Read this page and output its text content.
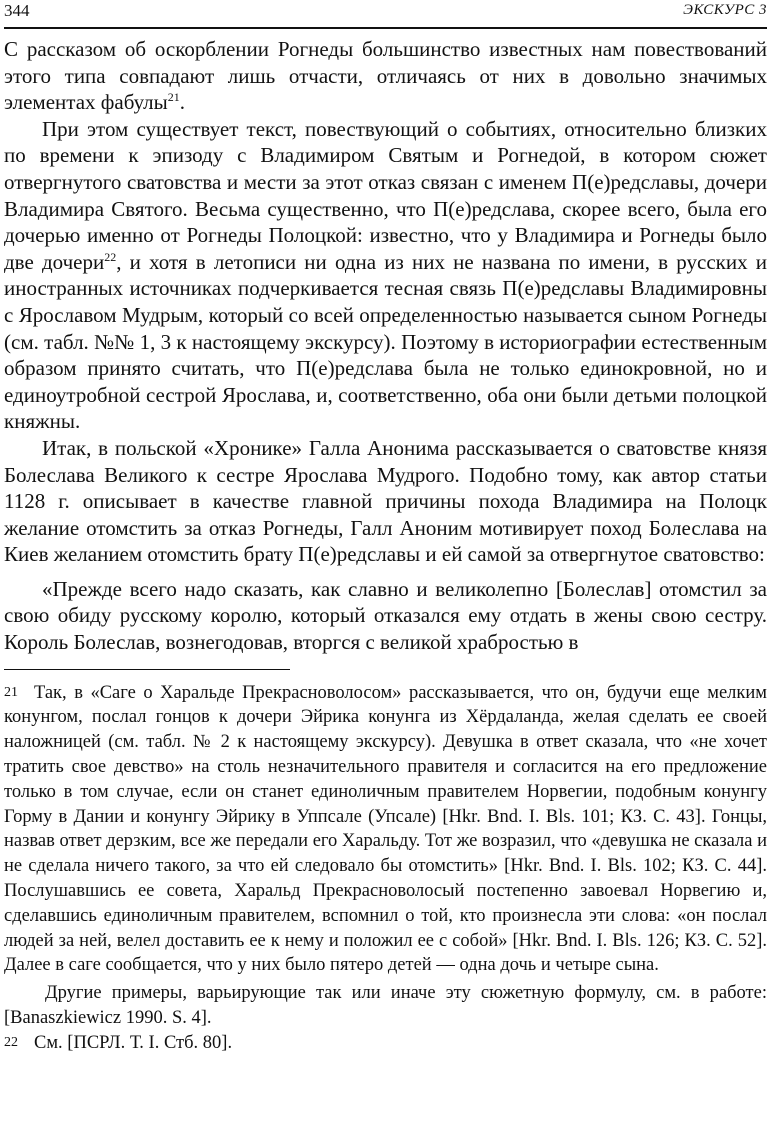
344	ЭКСКУРС 3

С рассказом об оскорблении Рогнеды большинство известных нам повествований этого типа совпадают лишь отчасти, отличаясь от них в довольно значимых элементах фабулы$^{21}$.

При этом существует текст, повествующий о событиях, относительно близких по времени к эпизоду с Владимиром Святым и Рогнедой, в котором сюжет отвергнутого сватовства и мести за этот отказ связан с именем П(е)редславы, дочери Владимира Святого. Весьма существенно, что П(е)редслава, скорее всего, была его дочерью именно от Рогнеды Полоцкой: известно, что у Владимира и Рогнеды было две дочери$^{22}$, и хотя в летописи ни одна из них не названа по имени, в русских и иностранных источниках подчеркивается тесная связь П(е)редславы Владимировны с Ярославом Мудрым, который со всей определенностью называется сыном Рогнеды (см. табл. №№ 1, 3 к настоящему экскурсу). Поэтому в историографии естественным образом принято считать, что П(е)редслава была не только единокровной, но и единоутробной сестрой Ярослава, и, соответственно, оба они были детьми полоцкой княжны.

Итак, в польской «Хронике» Галла Анонима рассказывается о сватовстве князя Болеслава Великого к сестре Ярослава Мудрого. Подобно тому, как автор статьи 1128 г. описывает в качестве главной причины похода Владимира на Полоцк желание отомстить за отказ Рогнеды, Галл Аноним мотивирует поход Болеслава на Киев желанием отомстить брату П(е)редславы и ей самой за отвергнутое сватовство:

«Прежде всего надо сказать, как славно и великолепно [Болеслав] отомстил за свою обиду русскому королю, который отказался ему отдать в жены свою сестру. Король Болеслав, вознегодовав, вторгся с великой храбростью в

21 Так, в «Саге о Харальде Прекрасноволосом» рассказывается, что он, будучи еще мелким конунгом, послал гонцов к дочери Эйрика конунга из Хёрдаланда, желая сделать ее своей наложницей (см. табл. № 2 к настоящему экскурсу). Девушка в ответ сказала, что «не хочет тратить свое девство» на столь незначительного правителя и согласится на его предложение только в том случае, если он станет единоличным правителем Норвегии, подобным конунгу Горму в Дании и конунгу Эйрику в Уппсале (Упсале) [Hkr. Bnd. I. Bls. 101; КЗ. С. 43]. Гонцы, назвав ответ дерзким, все же передали его Харальду. Тот же возразил, что «девушка не сказала и не сделала ничего такого, за что ей следовало бы отомстить» [Hkr. Bnd. I. Bls. 102; КЗ. С. 44]. Послушавшись ее совета, Харальд Прекрасноволосый постепенно завоевал Норвегию и, сделавшись единоличным правителем, вспомнил о той, кто произнесла эти слова: «он послал людей за ней, велел доставить ее к нему и положил ее с собой» [Hkr. Bnd. I. Bls. 126; КЗ. С. 52]. Далее в саге сообщается, что у них было пятеро детей — одна дочь и четыре сына.

Другие примеры, варьирующие так или иначе эту сюжетную формулу, см. в работе: [Banaszkiewicz 1990. S. 4].

22 См. [ПСРЛ. Т. I. Стб. 80].
